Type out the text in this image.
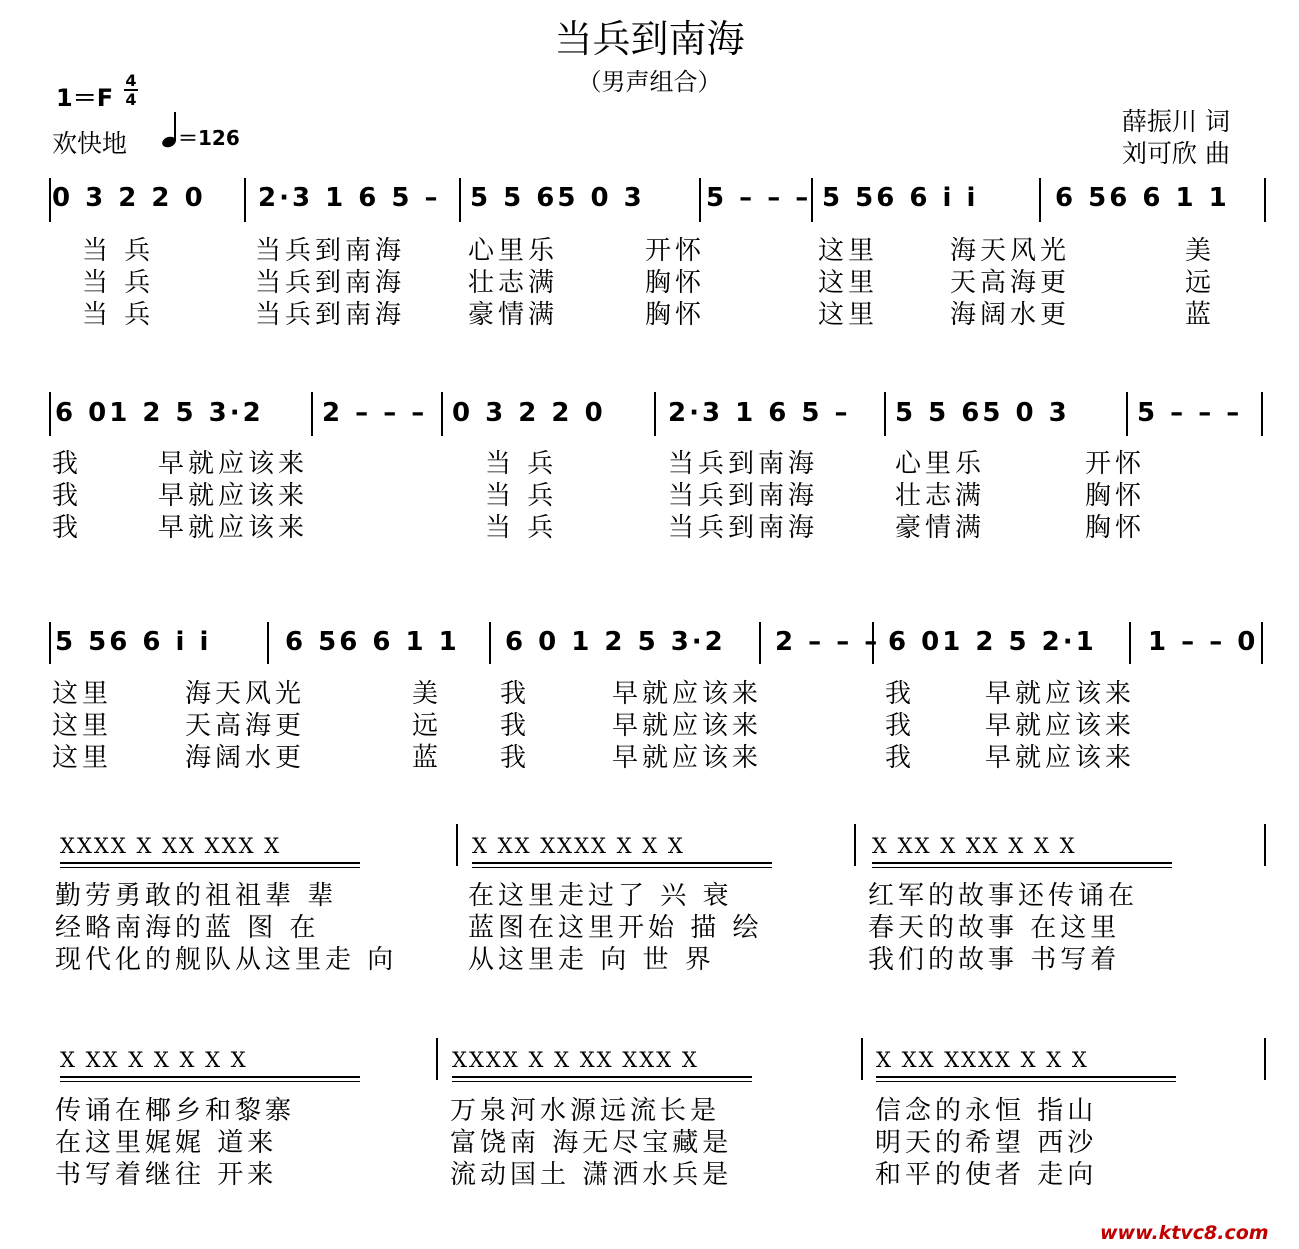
当兵到南海
（男声组合）
1＝F
4
4
欢快地	＝126
薛振川 词
刘可欣 曲
0 3 2 2 0 2·3 1 6 5 – 5 5 65 0 3 5 – – – 5 56 6 i i	6 56 6 1 1
当 兵	当兵到南海 心里乐	开怀	这里	海天风光	美
当 兵	当兵到南海 壮志满	胸怀	这里	天高海更	远
当 兵	当兵到南海 豪情满	胸怀	这里	海阔水更	蓝
6 01 2 5 3·2 2 – – – 0 3 2 2 0 2·3 1 6 5 – 5 5 65 0 3	5 – – –
我	早就应该来	当 兵	当兵到南海	心里乐	开怀
我	早就应该来	当 兵	当兵到南海	壮志满	胸怀
我	早就应该来	当 兵	当兵到南海	豪情满	胸怀
5 56 6 i i	6 56 6 1 1 6 0 1 2 5 3·2 2 – – – 6 01 2 5 2·1 1 – – 0
这里	海天风光	美 我	早就应该来	我	早就应该来
这里	天高海更	远 我	早就应该来	我	早就应该来
这里	海阔水更	蓝 我	早就应该来	我	早就应该来
XXXX X XX XXX X	X XX XXXX X X X	X XX X XX X X X
勤劳勇敢的祖祖辈 辈	在这里走过了 兴 衰	红军的故事还传诵在
经略南海的蓝 图 在	蓝图在这里开始 描 绘	春天的故事 在这里
现代化的舰队从这里走 向	从这里走 向 世 界	我们的故事 书写着
X XX X X X X X	XXXX X X XX XXX X	X XX XXXX X X X
传诵在椰乡和黎寨	万泉河水源远流长是	信念的永恒 指山
在这里娓娓 道来	富饶南 海无尽宝藏是	明天的希望 西沙
书写着继往 开来	流动国土 潇洒水兵是	和平的使者 走向
www.ktvc8.com
